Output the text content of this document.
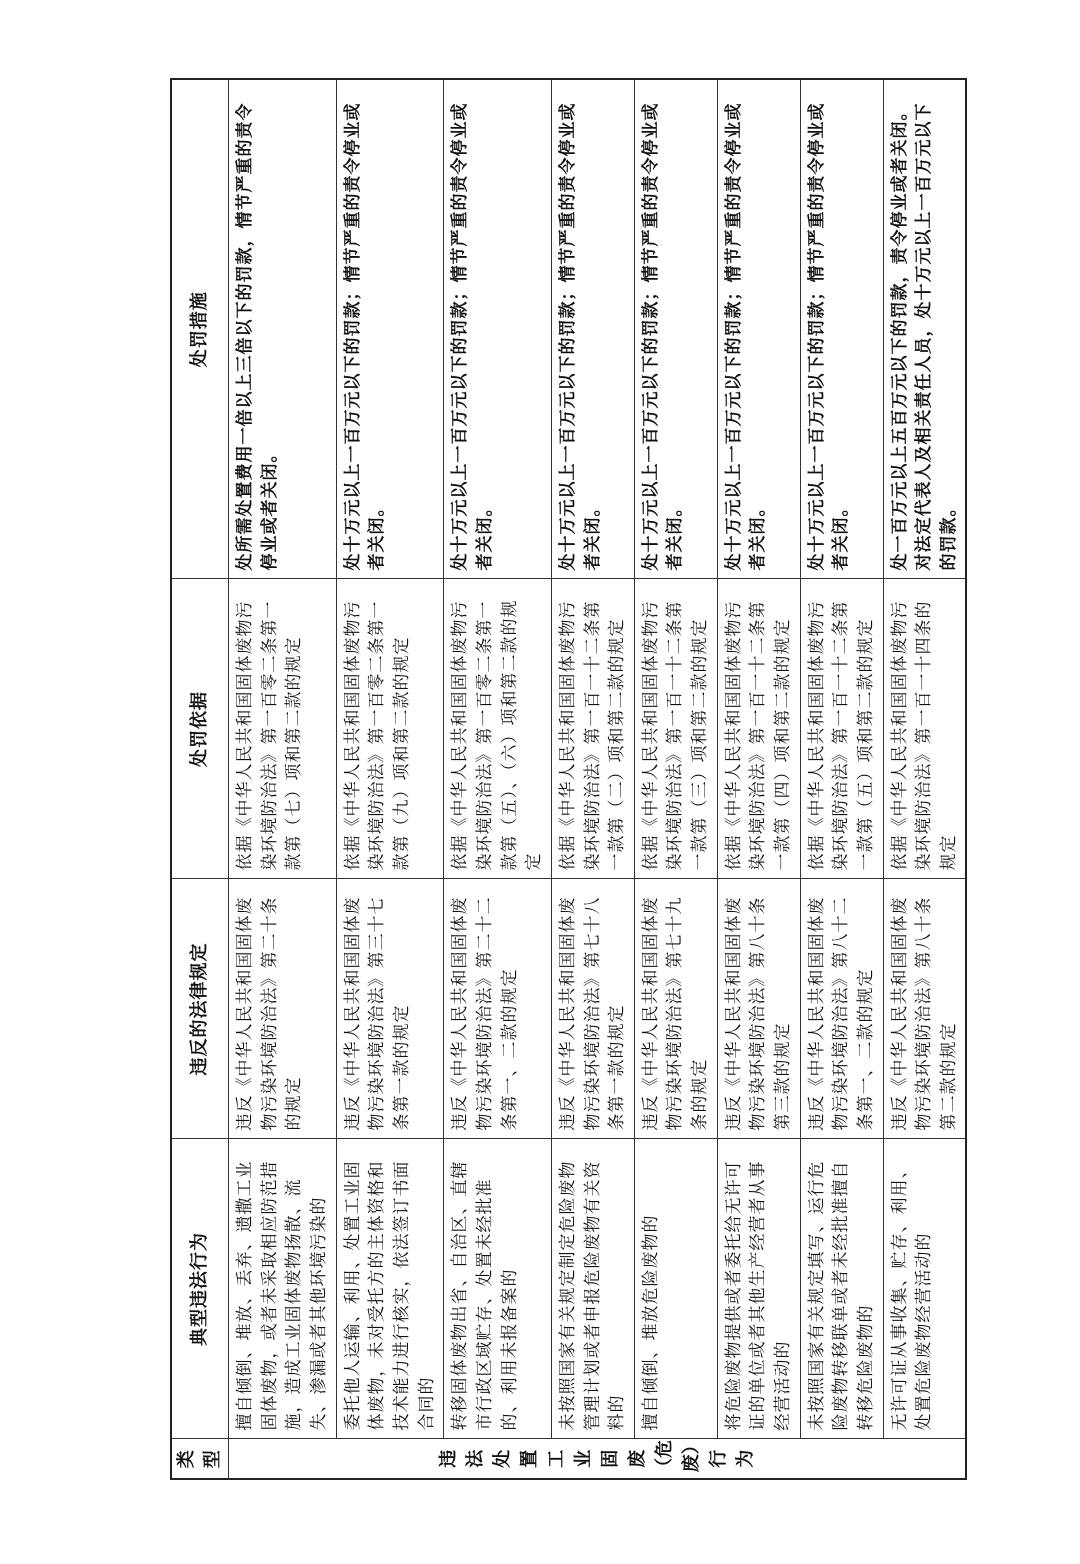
类型	典型违法行为	违反的法律规定	处罚依据	处罚措施
违法处置工业固废（危废）行为	擅自倾倒、堆放、丢弃、遗撒工业固体废物，或者未采取相应防范措施，造成工业固体废物扬散、流失、渗漏或者其他环境污染的	违反《中华人民共和国固体废物污染环境防治法》第二十条的规定	依据《中华人民共和国固体废物污染环境防治法》第一百零二条第一款第（七）项和第二款的规定	处所需处置费用一倍以上三倍以下的罚款，情节严重的责令停业或者关闭。
	委托他人运输、利用、处置工业固体废物，未对受托方的主体资格和技术能力进行核实，依法签订书面合同的	违反《中华人民共和国固体废物污染环境防治法》第三十七条第一款的规定	依据《中华人民共和国固体废物污染环境防治法》第一百零二条第一款第（九）项和第二款的规定	处十万元以上一百万元以下的罚款；情节严重的责令停业或者关闭。
	转移固体废物出省、自治区、直辖市行政区域贮存、处置未经批准的、利用未报备案的	违反《中华人民共和国固体废物污染环境防治法》第二十二条第一、二款的规定	依据《中华人民共和国固体废物污染环境防治法》第一百零二条第一款第（五）、（六）项和第二款的规定	处十万元以上一百万元以下的罚款；情节严重的责令停业或者关闭。
	未按照国家有关规定制定危险废物管理计划或者申报危险废物有关资料的	违反《中华人民共和国固体废物污染环境防治法》第七十八条第一款的规定	依据《中华人民共和国固体废物污染环境防治法》第一百一十二条第一款第（二）项和第二款的规定	处十万元以上一百万元以下的罚款；情节严重的责令停业或者关闭。
	擅自倾倒、堆放危险废物的	违反《中华人民共和国固体废物污染环境防治法》第七十九条的规定	依据《中华人民共和国固体废物污染环境防治法》第一百一十二条第一款第（三）项和第二款的规定	处十万元以上一百万元以下的罚款；情节严重的责令停业或者关闭。
	将危险废物提供或者委托给无许可证的单位或者其他生产经营者从事经营活动的	违反《中华人民共和国固体废物污染环境防治法》第八十条第三款的规定	依据《中华人民共和国固体废物污染环境防治法》第一百一十二条第一款第（四）项和第二款的规定	处十万元以上一百万元以下的罚款；情节严重的责令停业或者关闭。
	未按照国家有关规定填写、运行危险废物转移联单或者未经批准擅自转移危险废物的	违反《中华人民共和国固体废物污染环境防治法》第八十二条第一、二款的规定	依据《中华人民共和国固体废物污染环境防治法》第一百一十二条第一款第（五）项和第二款的规定	处十万元以上一百万元以下的罚款；情节严重的责令停业或者关闭。
	无许可证从事收集、贮存、利用、处置危险废物经营活动的	违反《中华人民共和国固体废物污染环境防治法》第八十条第二款的规定	依据《中华人民共和国固体废物污染环境防治法》第一百一十四条的规定	处一百万元以上五百万元以下的罚款，责令停业或者关闭。对法定代表人及相关责任人员，处十万元以上一百万元以下的罚款。
